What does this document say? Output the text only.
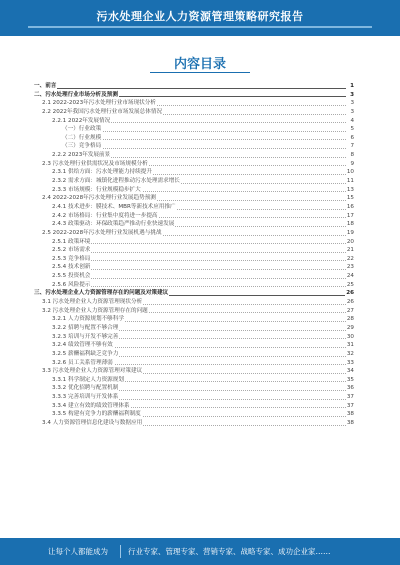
污水处理企业人力资源管理策略研究报告
内容目录
一、前言	1
二、污水处理行业市场分析及预测	3
2.1 2022-2023年污水处理行业市场现状分析	3
2.2 2022年我国污水处理行业市场发展总体情况	3
2.2.1 2022年发展情况	4
（一）行业政策	5
（二）行业规模	6
（三）竞争格局	7
2.2.2 2023年发展前景	8
2.3 污水处理行业供需状况及市场规模分析	9
2.3.1 供给方面：污水处理能力持续提升	10
2.3.2 需求方面：城镇化进程推动污水处理需求增长	11
2.3.3 市场规模：行业规模稳步扩大	13
2.4 2022-2028年污水处理行业发展趋势预测	15
2.4.1 技术进步：膜技术、MBR等新技术应用推广	16
2.4.2 市场格局：行业集中度将进一步提高	17
2.4.3 政策驱动：环保政策趋严推动行业快速发展	18
2.5 2022-2028年污水处理行业发展机遇与挑战	19
2.5.1 政策环境	20
2.5.2 市场需求	21
2.5.3 竞争格局	22
2.5.4 技术创新	23
2.5.5 投资机会	24
2.5.6 风险提示	25
三、污水处理企业人力资源管理存在的问题及对策建议	26
3.1 污水处理企业人力资源管理现状分析	26
3.2 污水处理企业人力资源管理存在的问题	27
3.2.1 人力资源规划不够科学	28
3.2.2 招聘与配置不够合理	29
3.2.3 培训与开发不够完善	30
3.2.4 绩效管理不够有效	31
3.2.5 薪酬福利缺乏竞争力	32
3.2.6 员工关系管理薄弱	33
3.3 污水处理企业人力资源管理对策建议	34
3.3.1 科学制定人力资源规划	35
3.3.2 优化招聘与配置机制	36
3.3.3 完善培训与开发体系	37
3.3.4 建立有效的绩效管理体系	37
3.3.5 构建有竞争力的薪酬福利制度	38
3.4 人力资源管理信息化建设与数据应用	38
让每个人都能成为	行业专家、管理专家、营销专家、战略专家、成功企业家……
